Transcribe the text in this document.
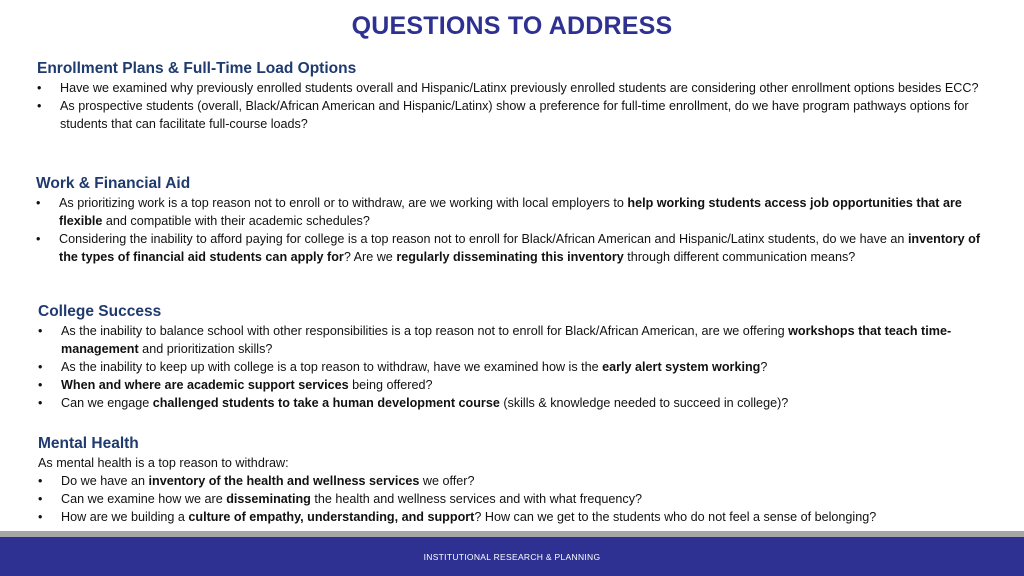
QUESTIONS TO ADDRESS
Enrollment Plans & Full-Time Load Options
•	Have we examined why previously enrolled students overall and Hispanic/Latinx previously enrolled students are considering other enrollment options besides ECC?
•	As prospective students (overall, Black/African American and Hispanic/Latinx) show a preference for full-time enrollment, do we have program pathways options for students that can facilitate full-course loads?
Work & Financial Aid
•	As prioritizing work is a top reason not to enroll or to withdraw, are we working with local employers to help working students access job opportunities that are flexible and compatible with their academic schedules?
•	Considering the inability to afford paying for college is a top reason not to enroll for Black/African American and Hispanic/Latinx students, do we have an inventory of the types of financial aid students can apply for? Are we regularly disseminating this inventory through different communication means?
College Success
•	As the inability to balance school with other responsibilities is a top reason not to enroll for Black/African American, are we offering workshops that teach time-management and prioritization skills?
•	As the inability to keep up with college is a top reason to withdraw, have we examined how is the early alert system working?
•	When and where are academic support services being offered?
•	Can we engage challenged students to take a human development course (skills & knowledge needed to succeed in college)?
Mental Health
As mental health is a top reason to withdraw:
•	Do we have an inventory of the health and wellness services we offer?
•	Can we examine how we are disseminating the health and wellness services and with what frequency?
•	How are we building a culture of empathy, understanding, and support? How can we get to the students who do not feel a sense of belonging?
INSTITUTIONAL RESEARCH & PLANNING
